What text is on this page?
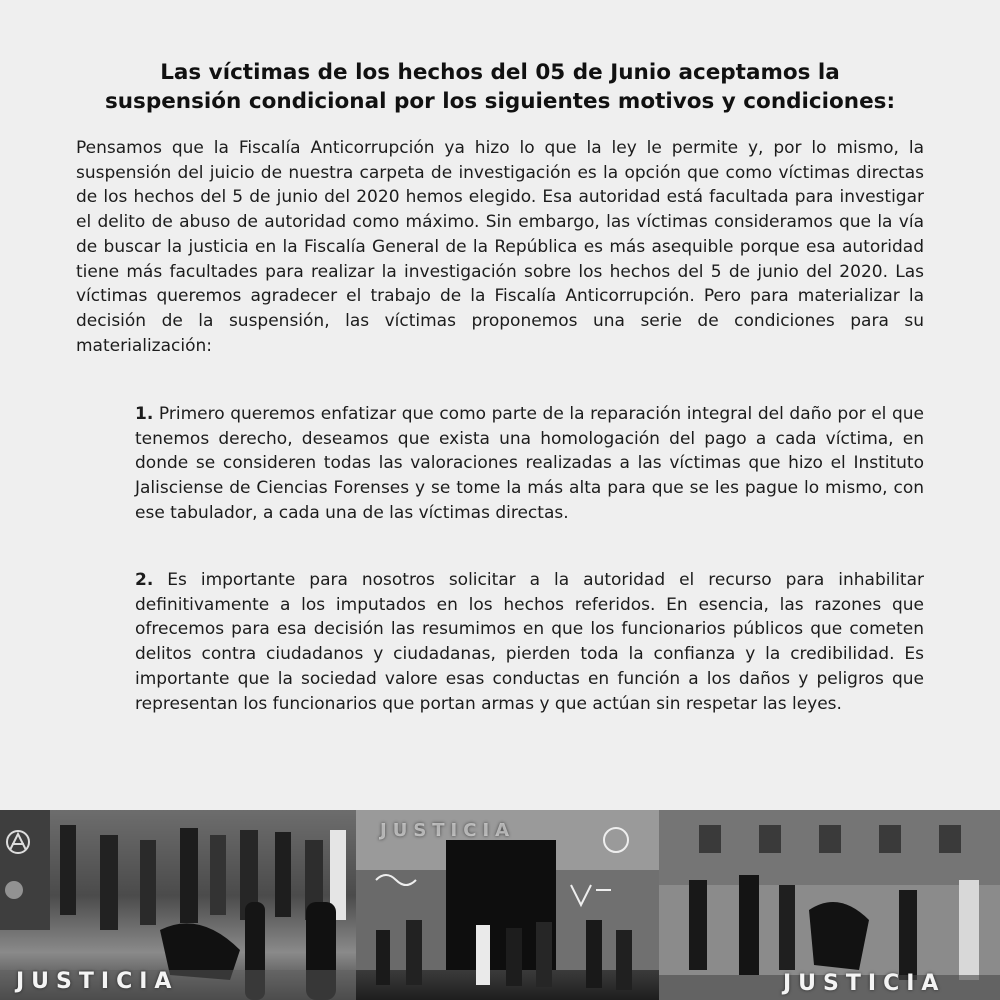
Las víctimas de los hechos del 05 de Junio aceptamos la
suspensión condicional por los siguientes motivos y condiciones:
Pensamos que la Fiscalía Anticorrupción ya hizo lo que la ley le permite y, por lo mismo, la suspensión del juicio de nuestra carpeta de investigación es la opción que como víctimas directas de los hechos del 5 de junio del 2020 hemos elegido. Esa autoridad está facultada para investigar el delito de abuso de autoridad como máximo. Sin embargo, las víctimas consideramos que la vía de buscar la justicia en la Fiscalía General de la República es más asequible porque esa autoridad tiene más facultades para realizar la investigación sobre los hechos del 5 de junio del 2020. Las víctimas queremos agradecer el trabajo de la Fiscalía Anticorrupción. Pero para materializar la decisión de la suspensión, las víctimas proponemos una serie de condiciones para su materialización:
1. Primero queremos enfatizar que como parte de la reparación integral del daño por el que tenemos derecho, deseamos que exista una homologación del pago a cada víctima, en donde se consideren todas las valoraciones realizadas a las víctimas que hizo el Instituto Jalisciense de Ciencias Forenses y se tome la más alta para que se les pague lo mismo, con ese tabulador, a cada una de las víctimas directas.
2. Es importante para nosotros solicitar a la autoridad el recurso para inhabilitar definitivamente a los imputados en los hechos referidos. En esencia, las razones que ofrecemos para esa decisión las resumimos en que los funcionarios públicos que cometen delitos contra ciudadanos y ciudadanas, pierden toda la confianza y la credibilidad. Es importante que la sociedad valore esas conductas en función a los daños y peligros que representan los funcionarios que portan armas y que actúan sin respetar las leyes.
JUSTICIA
JUSTICIA
JUSTICIA
